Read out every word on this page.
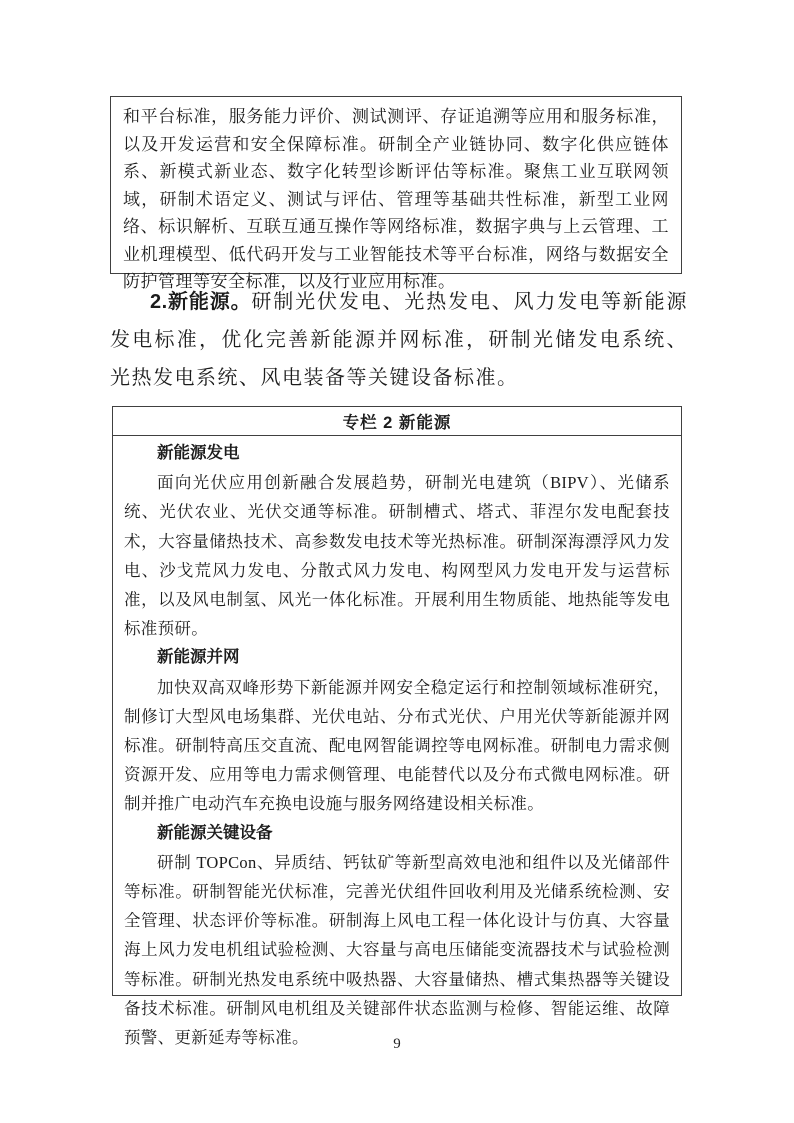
和平台标准，服务能力评价、测试测评、存证追溯等应用和服务标准，以及开发运营和安全保障标准。研制全产业链协同、数字化供应链体系、新模式新业态、数字化转型诊断评估等标准。聚焦工业互联网领域，研制术语定义、测试与评估、管理等基础共性标准，新型工业网络、标识解析、互联互通互操作等网络标准，数据字典与上云管理、工业机理模型、低代码开发与工业智能技术等平台标准，网络与数据安全防护管理等安全标准，以及行业应用标准。
2.新能源。研制光伏发电、光热发电、风力发电等新能源发电标准，优化完善新能源并网标准，研制光储发电系统、光热发电系统、风电装备等关键设备标准。
专栏 2 新能源
新能源发电
面向光伏应用创新融合发展趋势，研制光电建筑（BIPV）、光储系统、光伏农业、光伏交通等标准。研制槽式、塔式、菲涅尔发电配套技术，大容量储热技术、高参数发电技术等光热标准。研制深海漂浮风力发电、沙戈荒风力发电、分散式风力发电、构网型风力发电开发与运营标准，以及风电制氢、风光一体化标准。开展利用生物质能、地热能等发电标准预研。
新能源并网
加快双高双峰形势下新能源并网安全稳定运行和控制领域标准研究，制修订大型风电场集群、光伏电站、分布式光伏、户用光伏等新能源并网标准。研制特高压交直流、配电网智能调控等电网标准。研制电力需求侧资源开发、应用等电力需求侧管理、电能替代以及分布式微电网标准。研制并推广电动汽车充换电设施与服务网络建设相关标准。
新能源关键设备
研制 TOPCon、异质结、钙钛矿等新型高效电池和组件以及光储部件等标准。研制智能光伏标准，完善光伏组件回收利用及光储系统检测、安全管理、状态评价等标准。研制海上风电工程一体化设计与仿真、大容量海上风力发电机组试验检测、大容量与高电压储能变流器技术与试验检测等标准。研制光热发电系统中吸热器、大容量储热、槽式集热器等关键设备技术标准。研制风电机组及关键部件状态监测与检修、智能运维、故障预警、更新延寿等标准。	9
